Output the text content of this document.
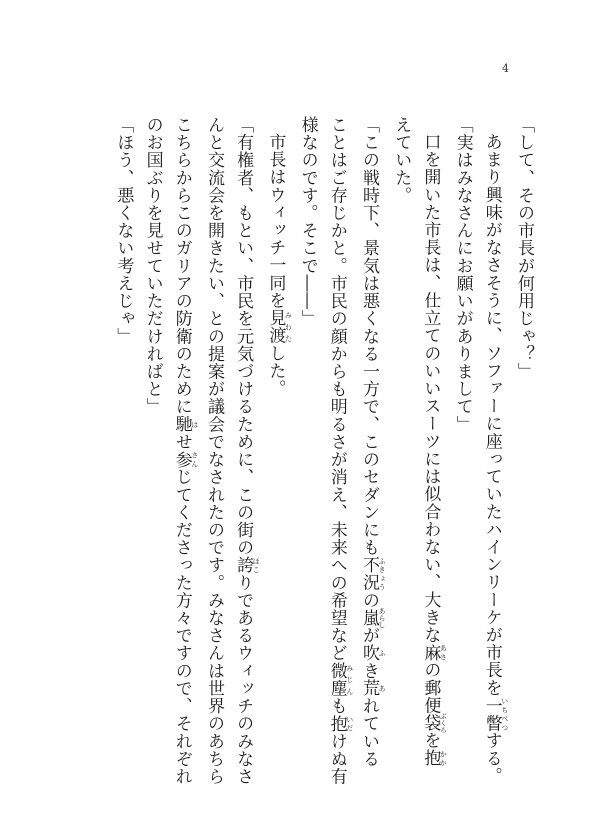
4

「して、その市長が何用じゃ？」

あまり興味がなさそうに、ソファーに座っていたハインリーケが市長を一瞥 いちべつする。

「実はみなさんにお願いがありまして」

口を開いた市長は、仕立てのいいスーツには似合わない、大きな麻 あさの郵便袋 ぶくろを抱 かか

えていた。

「この戦時下、景気は悪くなる一方で、このセダンにも不況 ふきょうの嵐 あらしが吹 ふき荒 あれている

ことはご存じかと。市民の顔からも明るさが消え、未来への希望など微塵 みじんも抱 いだけぬ有

様なのです。そこで――」

市長はウィッチ一同を見渡 みわたした。

「有権者、もとい、市民を元気づけるために、この街の誇 ほこりであるウィッチのみなさ

んと交流会を開きたい、との提案が議会でなされたのです。みなさんは世界のあちら

こちらからこのガリアの防衛のために馳 はせ参 さんじてくださった方々ですので、それぞれ

のお国ぶりを見せていただければと」

「ほう、悪くない考えじゃ」
